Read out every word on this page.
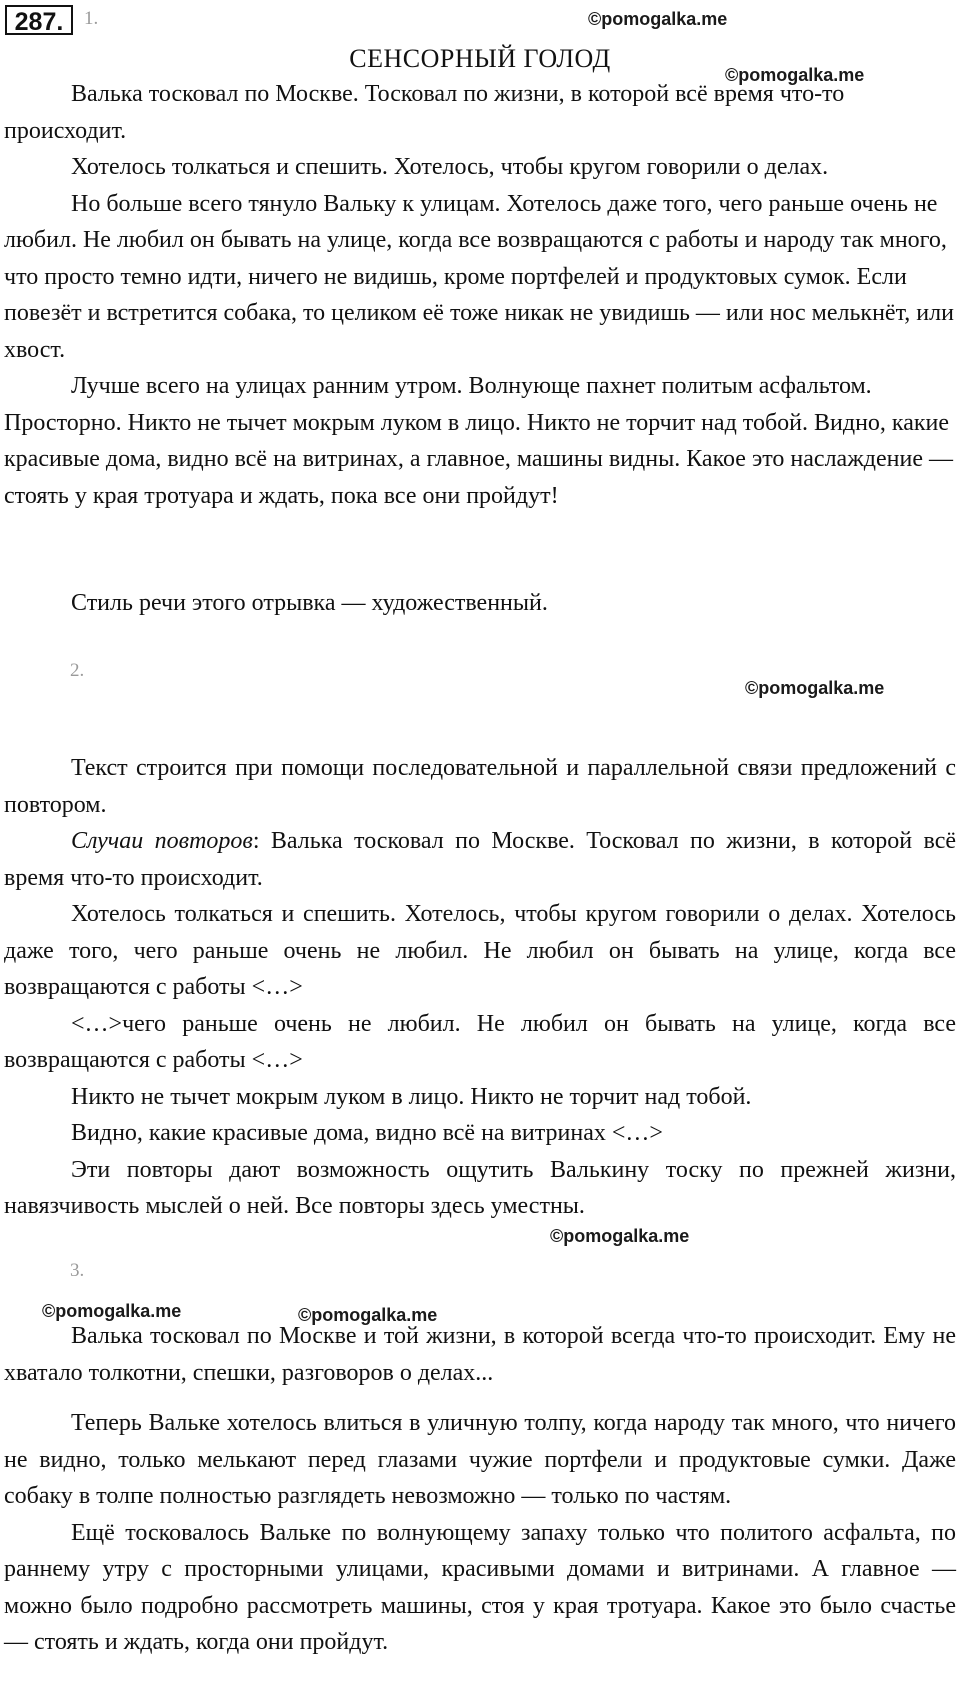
287.	1.	©pomogalka.me
СЕНСОРНЫЙ ГОЛОД
©pomogalka.me

Валька тосковал по Москве. Тосковал по жизни, в которой всё время что-то происходит.

Хотелось толкаться и спешить. Хотелось, чтобы кругом говорили о делах.

Но больше всего тянуло Вальку к улицам. Хотелось даже того, чего раньше очень не любил. Не любил он бывать на улице, когда все возвращаются с работы и народу так много, что просто темно идти, ничего не видишь, кроме портфелей и продуктовых сумок. Если повезёт и встретится собака, то целиком её тоже никак не увидишь — или нос мелькнёт, или хвост.

Лучше всего на улицах ранним утром. Волнующе пахнет политым асфальтом. Просторно. Никто не тычет мокрым луком в лицо. Никто не торчит над тобой. Видно, какие красивые дома, видно всё на витринах, а главное, машины видны. Какое это наслаждение — стоять у края тротуара и ждать, пока все они пройдут!

Стиль речи этого отрывка — художественный.

2.
©pomogalka.me

Текст строится при помощи последовательной и параллельной связи предложений с повтором.

Случаи повторов: Валька тосковал по Москве. Тосковал по жизни, в которой всё время что-то происходит.

Хотелось толкаться и спешить. Хотелось, чтобы кругом говорили о делах. Хотелось даже того, чего раньше очень не любил. Не любил он бывать на улице, когда все возвращаются с работы <…>

<…>чего раньше очень не любил. Не любил он бывать на улице, когда все возвращаются с работы <…>

Никто не тычет мокрым луком в лицо. Никто не торчит над тобой.

Видно, какие красивые дома, видно всё на витринах <…>

Эти повторы дают возможность ощутить Валькину тоску по прежней жизни, навязчивость мыслей о ней. Все повторы здесь уместны.

©pomogalka.me
3.
©pomogalka.me	©pomogalka.me

Валька тосковал по Москве и той жизни, в которой всегда что-то происходит. Ему не хватало толкотни, спешки, разговоров о делах...

Теперь Вальке хотелось влиться в уличную толпу, когда народу так много, что ничего не видно, только мелькают перед глазами чужие портфели и продуктовые сумки. Даже собаку в толпе полностью разглядеть невозможно — только по частям.

Ещё тосковалось Вальке по волнующему запаху только что политого асфальта, по раннему утру с просторными улицами, красивыми домами и витринами. А главное — можно было подробно рассмотреть машины, стоя у края тротуара. Какое это было счастье — стоять и ждать, когда они пройдут.
